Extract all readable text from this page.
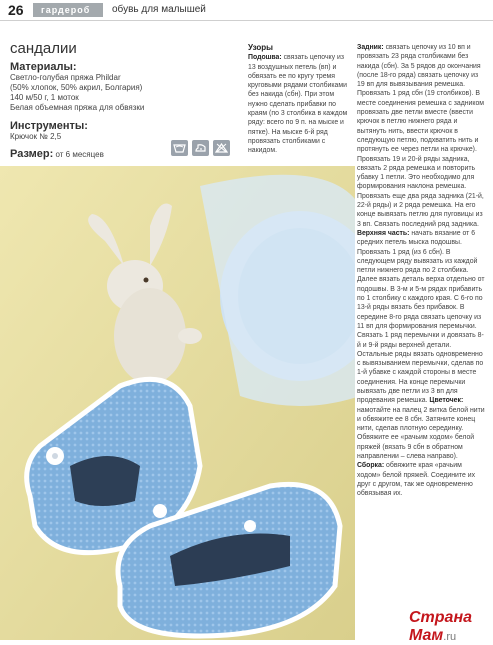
26	гардероб	обувь для малышей
сандалии
Материалы:
Светло-голубая пряжа Phildar
(50% хлопок, 50% акрил, Болгария)
140 м/50 г, 1 моток
Белая объемная пряжа для обвязки
Инструменты:
Крючок № 2,5
Размер: от 6 месяцев
Узоры
Подошва: связать цепочку из 13 воздушных петель (вп) и обвязать ее по кругу тремя круговыми рядами столбиками без накида (сбн). При этом нужно сделать прибавки по краям (по 3 столбика в каждом ряду: всего по 9 п. на мыске и пятке). На мыске 6-й ряд провязать столбиками с накидом.
Задник: связать цепочку из 10 вп и провязать 23 ряда столбиками без накида (сбн). За 5 рядов до окончания (после 18-го ряда) связать цепочку из 19 вп для вывязывания ремешка. Провязать 1 ряд сбн (19 столбиков). В месте соединения ремешка с задником провязать две петли вместе (ввести крючок в петлю нижнего ряда и вытянуть нить, ввести крючок в следующую петлю, подхватить нить и протянуть ее через петли на крючке). Провязать 19 и 20-й ряды задника, связать 2 ряда ремешка и повторить убавку 1 петли. Это необходимо для формирования наклона ремешка. Провязать еще два ряда задника (21-й, 22-й ряды) и 2 ряда ремешка. На его конце вывязать петлю для пуговицы из 3 вп. Связать последний ряд задника. Верхняя часть: начать вязание от 6 средних петель мыска подошвы. Провязать 1 ряд (из 6 сбн). В следующем ряду вывязать из каждой петли нижнего ряда по 2 столбика. Далее вязать деталь верха отдельно от подошвы. В 3-м и 5-м рядах прибавить по 1 столбику с каждого края. С 6-го по 13-й ряды вязать без прибавок. В середине 8-го ряда связать цепочку из 11 вп для формирования перемычки. Связать 1 ряд перемычки и довязать 8-й и 9-й ряды верхней детали. Остальные ряды вязать одновременно с вывязыванием перемычки, сделав по 1-й убавке с каждой стороны в месте соединения. На конце перемычки вывязать две петли из 3 вп для продевания ремешка. Цветочек: намотайте на палец 2 витка белой нити и обвяжите ее 8 сбн. Затяните конец нити, сделав плотную серединку. Обвяжите ее «рачьим ходом» белой пряжей (вязать 9 сбн в обратном направлении – слева направо). Сборка: обвяжите края «рачьим ходом» белой пряжей. Соедините их друг с другом, так же одновременно обвязывая их.
Страна Мам.ru
